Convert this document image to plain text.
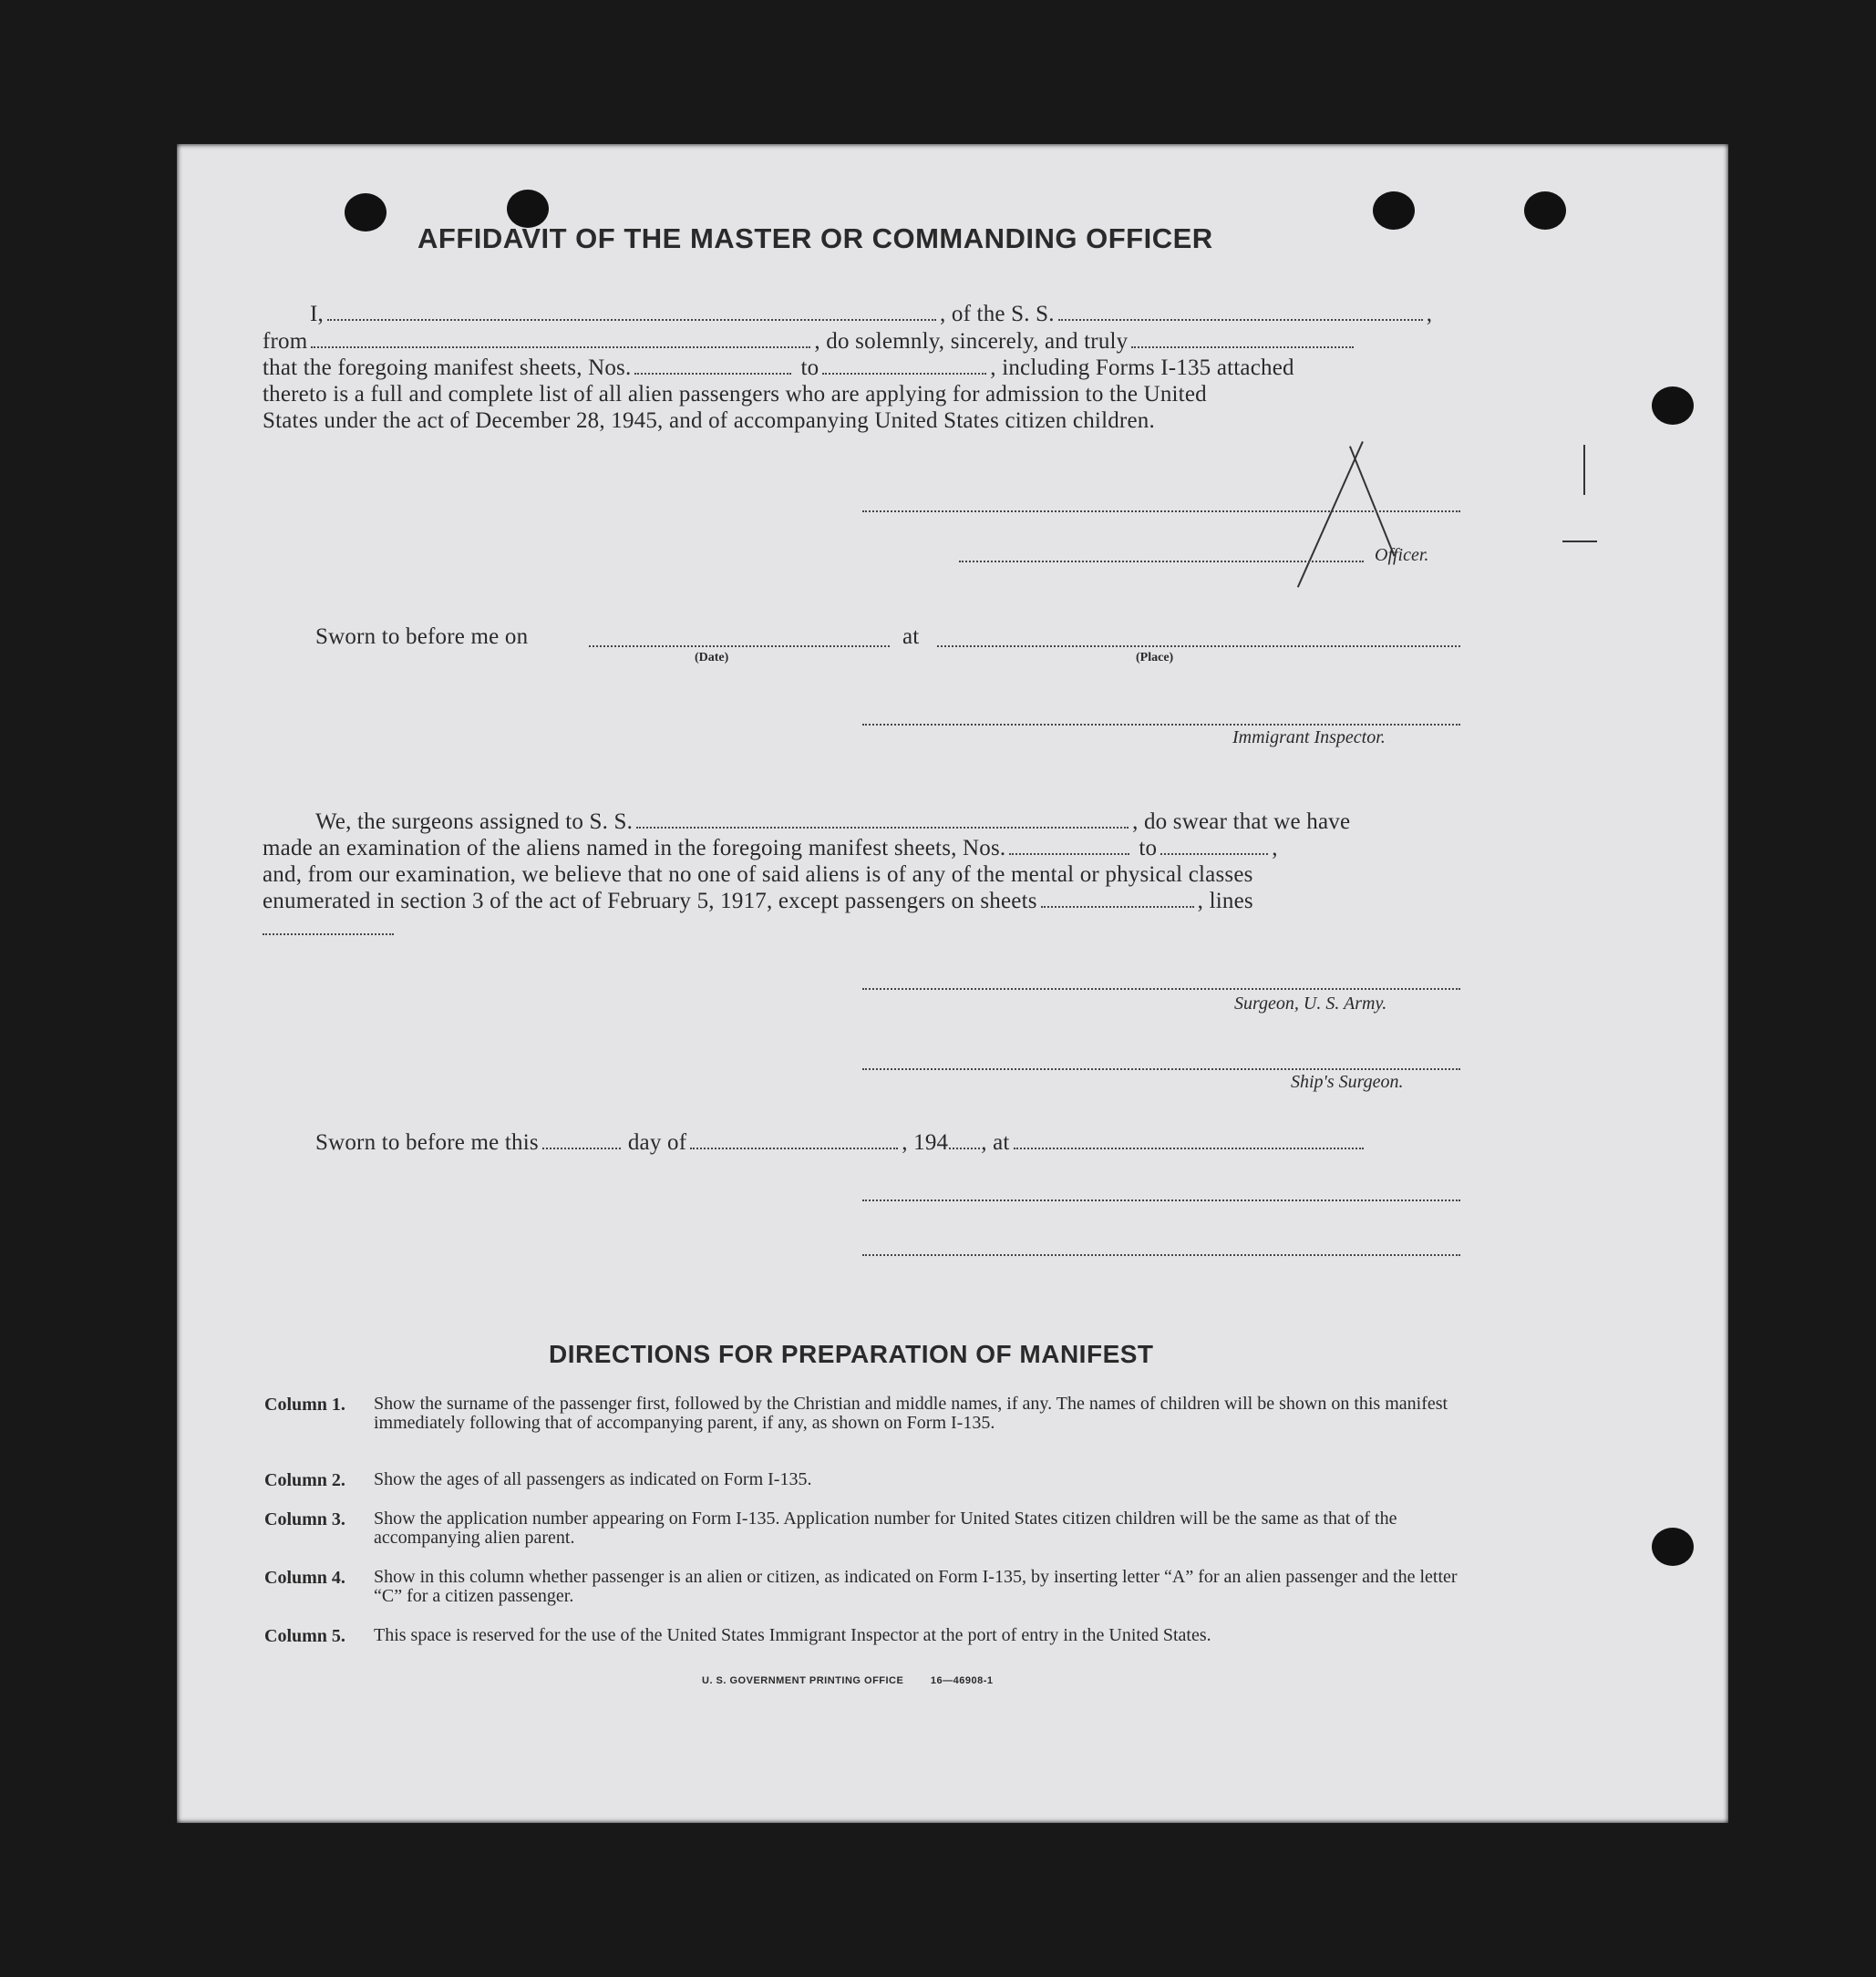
AFFIDAVIT OF THE MASTER OR COMMANDING OFFICER
I,	, of the S. S.	,
from	, do solemnly, sincerely, and truly
that the foregoing manifest sheets, Nos.	to	, including Forms I-135 attached
thereto is a full and complete list of all alien passengers who are applying for admission to the United
States under the act of December 28, 1945, and of accompanying United States citizen children.
Officer.
Sworn to before me on	at
(Date)	(Place)
Immigrant Inspector.
We, the surgeons assigned to S. S.	, do swear that we have
made an examination of the aliens named in the foregoing manifest sheets, Nos.	to	,
and, from our examination, we believe that no one of said aliens is of any of the mental or physical classes
enumerated in section 3 of the act of February 5, 1917, except passengers on sheets	, lines
Surgeon, U. S. Army.
Ship's Surgeon.
Sworn to before me this	day of	, 194 , at
DIRECTIONS FOR PREPARATION OF MANIFEST
Column 1. Show the surname of the passenger first, followed by the Christian and middle names, if any. The names of children will be shown on this manifest immediately following that of accompanying parent, if any, as shown on Form I-135.
Column 2. Show the ages of all passengers as indicated on Form I-135.
Column 3. Show the application number appearing on Form I-135. Application number for United States citizen children will be the same as that of the accompanying alien parent.
Column 4. Show in this column whether passenger is an alien or citizen, as indicated on Form I-135, by inserting letter “A” for an alien passenger and the letter “C” for a citizen passenger.
Column 5. This space is reserved for the use of the United States Immigrant Inspector at the port of entry in the United States.
U. S. GOVERNMENT PRINTING OFFICE	16—46908-1
